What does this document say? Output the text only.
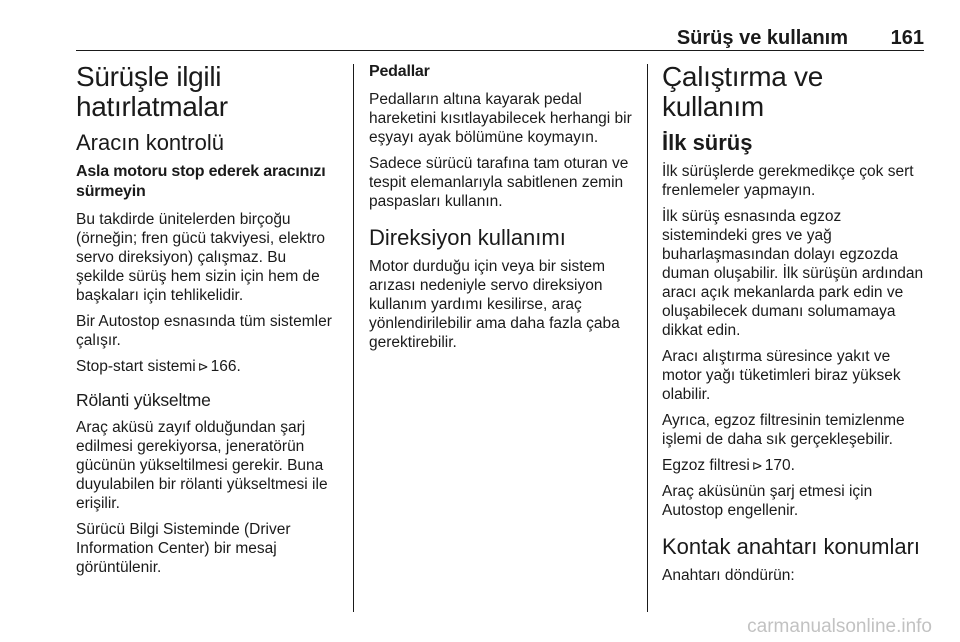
Sürüş ve kullanım 161
Sürüşle ilgili hatırlatmalar
Aracın kontrolü
Asla motoru stop ederek aracınızı sürmeyin

Bu takdirde ünitelerden birçoğu (örneğin; fren gücü takviyesi, elektro servo direksiyon) çalışmaz. Bu şekilde sürüş hem sizin için hem de başkaları için tehlikelidir.

Bir Autostop esnasında tüm sistemler çalışır.

Stop-start sistemi ⊳ 166.

Rölanti yükseltme

Araç aküsü zayıf olduğundan şarj edilmesi gerekiyorsa, jeneratörün gücünün yükseltilmesi gerekir. Buna duyulabilen bir rölanti yükseltmesi ile erişilir.

Sürücü Bilgi Sisteminde (Driver Information Center) bir mesaj görüntülenir.

Pedallar

Pedalların altına kayarak pedal hareketini kısıtlayabilecek herhangi bir eşyayı ayak bölümüne koymayın.

Sadece sürücü tarafına tam oturan ve tespit elemanlarıyla sabitlenen zemin paspasları kullanın.

Direksiyon kullanımı

Motor durduğu için veya bir sistem arızası nedeniyle servo direksiyon kullanım yardımı kesilirse, araç yönlendirilebilir ama daha fazla çaba gerektirebilir.

Çalıştırma ve kullanım
İlk sürüş

İlk sürüşlerde gerekmedikçe çok sert frenlemeler yapmayın.

İlk sürüş esnasında egzoz sistemindeki gres ve yağ buharlaşmasından dolayı egzozda duman oluşabilir. İlk sürüşün ardından aracı açık mekanlarda park edin ve oluşabilecek dumanı solumamaya dikkat edin.

Aracı alıştırma süresince yakıt ve motor yağı tüketimleri biraz yüksek olabilir.

Ayrıca, egzoz filtresinin temizlenme işlemi de daha sık gerçekleşebilir.

Egzoz filtresi ⊳ 170.

Araç aküsünün şarj etmesi için Autostop engellenir.

Kontak anahtarı konumları

Anahtarı döndürün:

carmanualsonline.info
